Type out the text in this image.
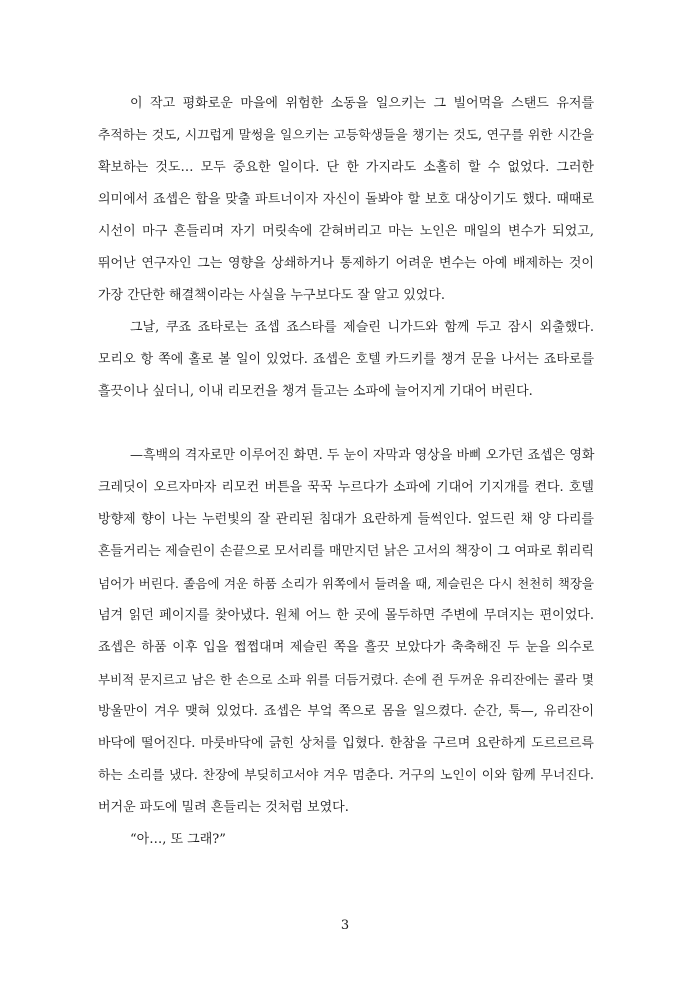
이 작고 평화로운 마을에 위험한 소동을 일으키는 그 빌어먹을 스탠드 유저를
추적하는 것도, 시끄럽게 말썽을 일으키는 고등학생들을 챙기는 것도, 연구를 위한 시간을
확보하는 것도… 모두 중요한 일이다. 단 한 가지라도 소홀히 할 수 없었다. 그러한
의미에서 죠셉은 합을 맞출 파트너이자 자신이 돌봐야 할 보호 대상이기도 했다. 때때로
시선이 마구 흔들리며 자기 머릿속에 갇혀버리고 마는 노인은 매일의 변수가 되었고,
뛰어난 연구자인 그는 영향을 상쇄하거나 통제하기 어려운 변수는 아예 배제하는 것이
가장 간단한 해결책이라는 사실을 누구보다도 잘 알고 있었다.
그날, 쿠죠 죠타로는 죠셉 죠스타를 제슬린 니가드와 함께 두고 잠시 외출했다.
모리오 항 쪽에 홀로 볼 일이 있었다. 죠셉은 호텔 카드키를 챙겨 문을 나서는 죠타로를
흘끗이나 싶더니, 이내 리모컨을 챙겨 들고는 소파에 늘어지게 기대어 버린다.
—흑백의 격자로만 이루어진 화면. 두 눈이 자막과 영상을 바삐 오가던 죠셉은 영화
크레딧이 오르자마자 리모컨 버튼을 꾹꾹 누르다가 소파에 기대어 기지개를 켠다. 호텔
방향제 향이 나는 누런빛의 잘 관리된 침대가 요란하게 들썩인다. 엎드린 채 양 다리를
흔들거리는 제슬린이 손끝으로 모서리를 매만지던 낡은 고서의 책장이 그 여파로 휘리릭
넘어가 버린다. 졸음에 겨운 하품 소리가 위쪽에서 들려올 때, 제슬린은 다시 천천히 책장을
넘겨 읽던 페이지를 찾아냈다. 원체 어느 한 곳에 몰두하면 주변에 무뎌지는 편이었다.
죠셉은 하품 이후 입을 쩝쩝대며 제슬린 쪽을 흘끗 보았다가 축축해진 두 눈을 의수로
부비적 문지르고 남은 한 손으로 소파 위를 더듬거렸다. 손에 쥔 두꺼운 유리잔에는 콜라 몇
방울만이 겨우 맺혀 있었다. 죠셉은 부엌 쪽으로 몸을 일으켰다. 순간, 툭—, 유리잔이
바닥에 떨어진다. 마룻바닥에 긁힌 상처를 입혔다. 한참을 구르며 요란하게 도르르르륵
하는 소리를 냈다. 찬장에 부딪히고서야 겨우 멈춘다. 거구의 노인이 이와 함께 무너진다.
버거운 파도에 밀려 흔들리는 것처럼 보였다.
“아…, 또 그래?”
3
